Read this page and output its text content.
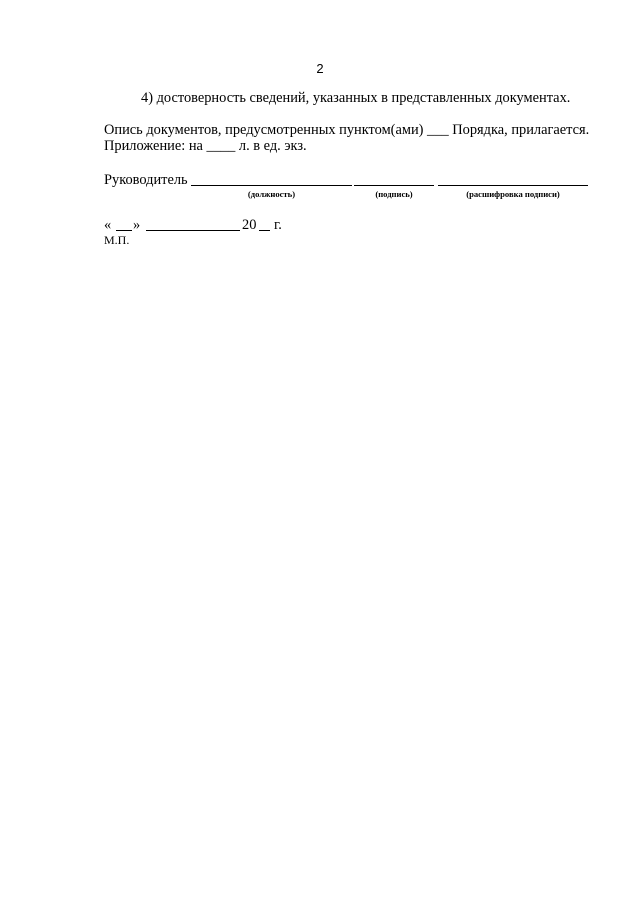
2
4) достоверность сведений, указанных в представленных документах.
Опись документов, предусмотренных пунктом(ами) ___ Порядка, прилагается.
Приложение: на ____ л. в ед. экз.
Руководитель
(должность)	(подпись)	(расшифровка подписи)
« »	20 г.
М.П.
